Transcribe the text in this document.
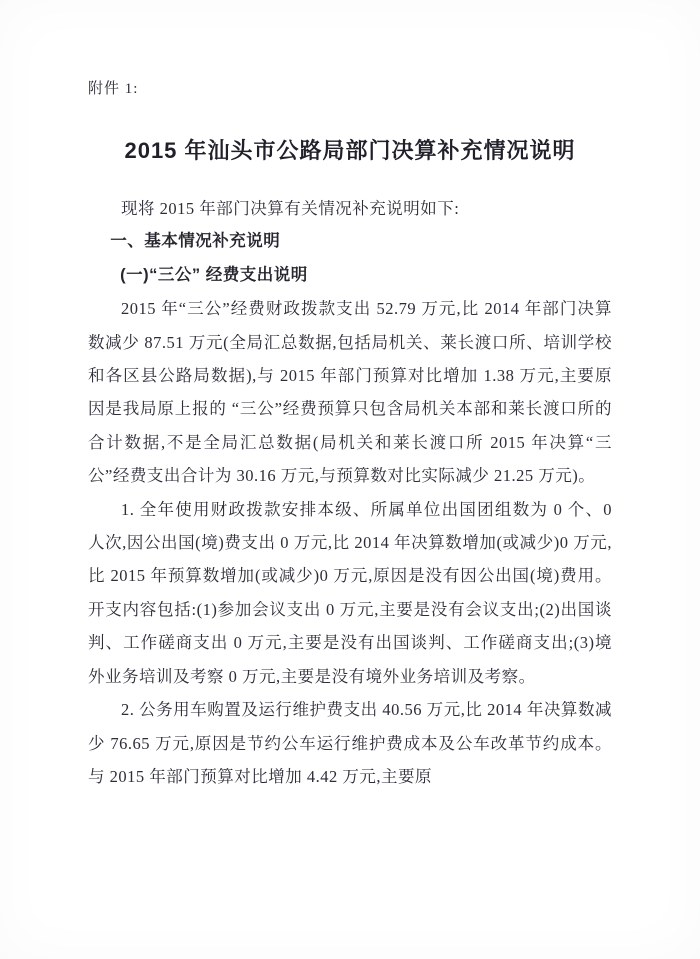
附件 1:
2015 年汕头市公路局部门决算补充情况说明

现将 2015 年部门决算有关情况补充说明如下:

一、基本情况补充说明
(一)“三公” 经费支出说明

2015 年“三公”经费财政拨款支出 52.79 万元,比 2014 年部门决算数减少 87.51 万元(全局汇总数据,包括局机关、莱长渡口所、培训学校和各区县公路局数据),与 2015 年部门预算对比增加 1.38 万元,主要原因是我局原上报的 “三公”经费预算只包含局机关本部和莱长渡口所的合计数据,不是全局汇总数据(局机关和莱长渡口所 2015 年决算“三公”经费支出合计为 30.16 万元,与预算数对比实际减少 21.25 万元)。

1. 全年使用财政拨款安排本级、所属单位出国团组数为 0 个、0 人次,因公出国(境)费支出 0 万元,比 2014 年决算数增加(或减少)0 万元,比 2015 年预算数增加(或减少)0 万元,原因是没有因公出国(境)费用。开支内容包括:(1)参加会议支出 0 万元,主要是没有会议支出;(2)出国谈判、工作磋商支出 0 万元,主要是没有出国谈判、工作磋商支出;(3)境外业务培训及考察 0 万元,主要是没有境外业务培训及考察。

2. 公务用车购置及运行维护费支出 40.56 万元,比 2014 年决算数减少 76.65 万元,原因是节约公车运行维护费成本及公车改革节约成本。与 2015 年部门预算对比增加 4.42 万元,主要原
